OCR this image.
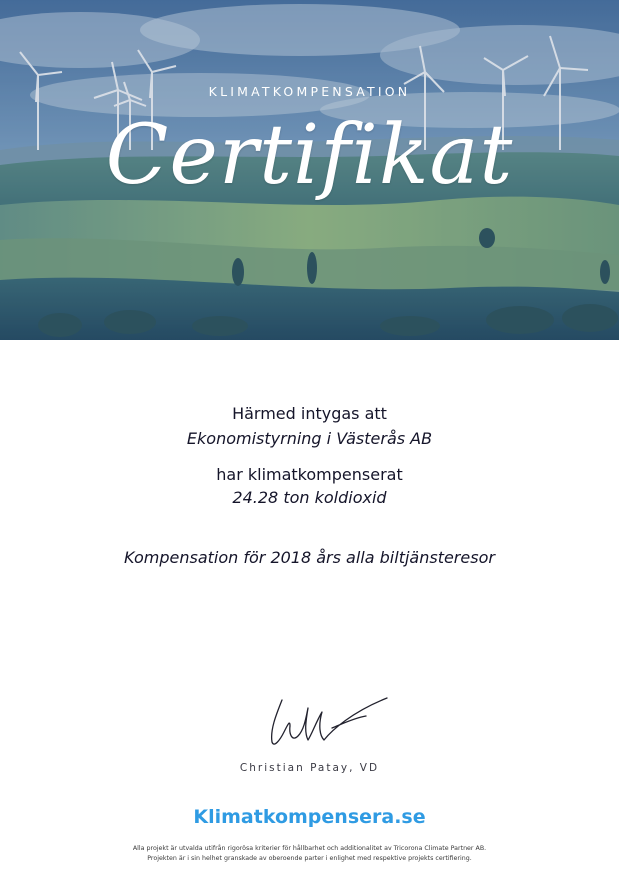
KLIMATKOMPENSATION
Certifikat
Härmed intygas att
Ekonomistyrning i Västerås AB
har klimatkompenserat
24.28 ton koldioxid
Kompensation för 2018 års alla biltjänsteresor
Christian Patay, VD
Klimatkompensera.se
Alla projekt är utvalda utifrån rigorösa kriterier för hållbarhet och additionalitet av Tricorona Climate Partner AB.
Projekten är i sin helhet granskade av oberoende parter i enlighet med respektive projekts certifiering.
